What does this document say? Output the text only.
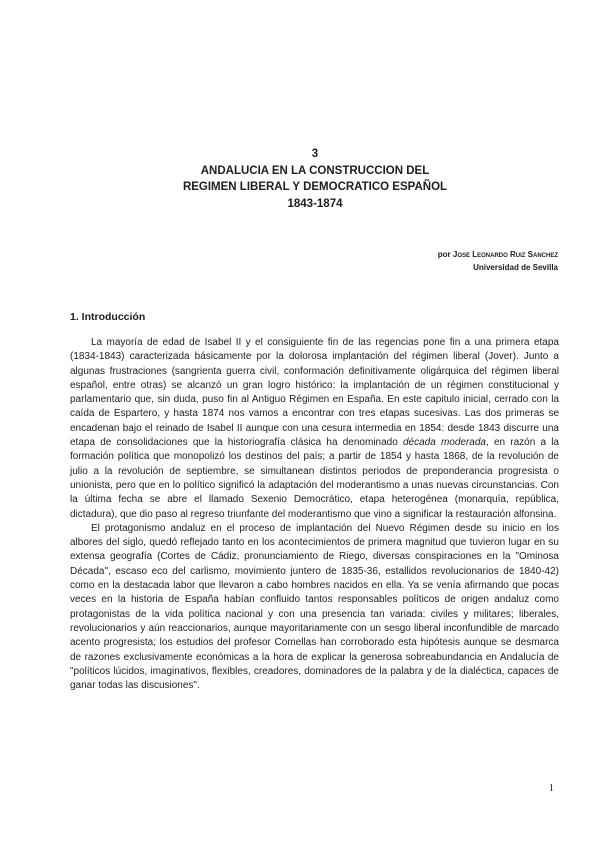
3
ANDALUCIA EN LA CONSTRUCCION DEL
REGIMEN LIBERAL Y DEMOCRATICO ESPAÑOL
1843-1874
por Jose Leonardo Ruiz Sanchez
Universidad de Sevilla
1. Introducción

La mayoría de edad de Isabel II y el consiguiente fin de las regencias pone fin a una primera etapa (1834-1843) caracterizada básicamente por la dolorosa implantación del régimen liberal (Jover). Junto a algunas frustraciones (sangrienta guerra civil, conformación definitivamente oligárquica del régimen liberal español, entre otras) se alcanzó un gran logro histórico: la implantación de un régimen constitucional y parlamentario que, sin duda, puso fin al Antiguo Régimen en España. En este capitulo inicial, cerrado con la caída de Espartero, y hasta 1874 nos vamos a encontrar con tres etapas sucesivas. Las dos primeras se encadenan bajo el reinado de Isabel II aunque con una cesura intermedia en 1854: desde 1843 discurre una etapa de consolidaciones que la historiografía clásica ha denominado década moderada, en razón a la formación política que monopolizó los destinos del país; a partir de 1854 y hasta 1868, de la revolución de julio a la revolución de septiembre, se simultanean distintos periodos de preponderancia progresista o unionista, pero que en lo político significó la adaptación del moderantismo a unas nuevas circunstancias. Con la última fecha se abre el llamado Sexenio Democrático, etapa heterogénea (monarquía, república, dictadura), que dio paso al regreso triunfante del moderantismo que vino a significar la restauración alfonsina.

El protagonismo andaluz en el proceso de implantación del Nuevo Régimen desde su inicio en los albores del siglo, quedó reflejado tanto en los acontecimientos de primera magnitud que tuvieron lugar en su extensa geografía (Cortes de Cádiz, pronunciamiento de Riego, diversas conspiraciones en la "Ominosa Década", escaso eco del carlismo, movimiento juntero de 1835-36, estallidos revolucionarios de 1840-42) como en la destacada labor que llevaron a cabo hombres nacidos en ella. Ya se venía afirmando que pocas veces en la historia de España habían confluido tantos responsables políticos de origen andaluz como protagonistas de la vida política nacional y con una presencia tan variada: civiles y militares; liberales, revolucionarios y aún reaccionarios, aunque mayoritariamente con un sesgo liberal inconfundible de marcado acento progresista; los estudios del profesor Comellas han corroborado esta hipótesis aunque se desmarca de razones exclusivamente económicas a la hora de explicar la generosa sobreabundancia en Andalucía de "políticos lúcidos, imaginativos, flexibles, creadores, dominadores de la palabra y de la dialéctica, capaces de ganar todas las discusiones".

1
